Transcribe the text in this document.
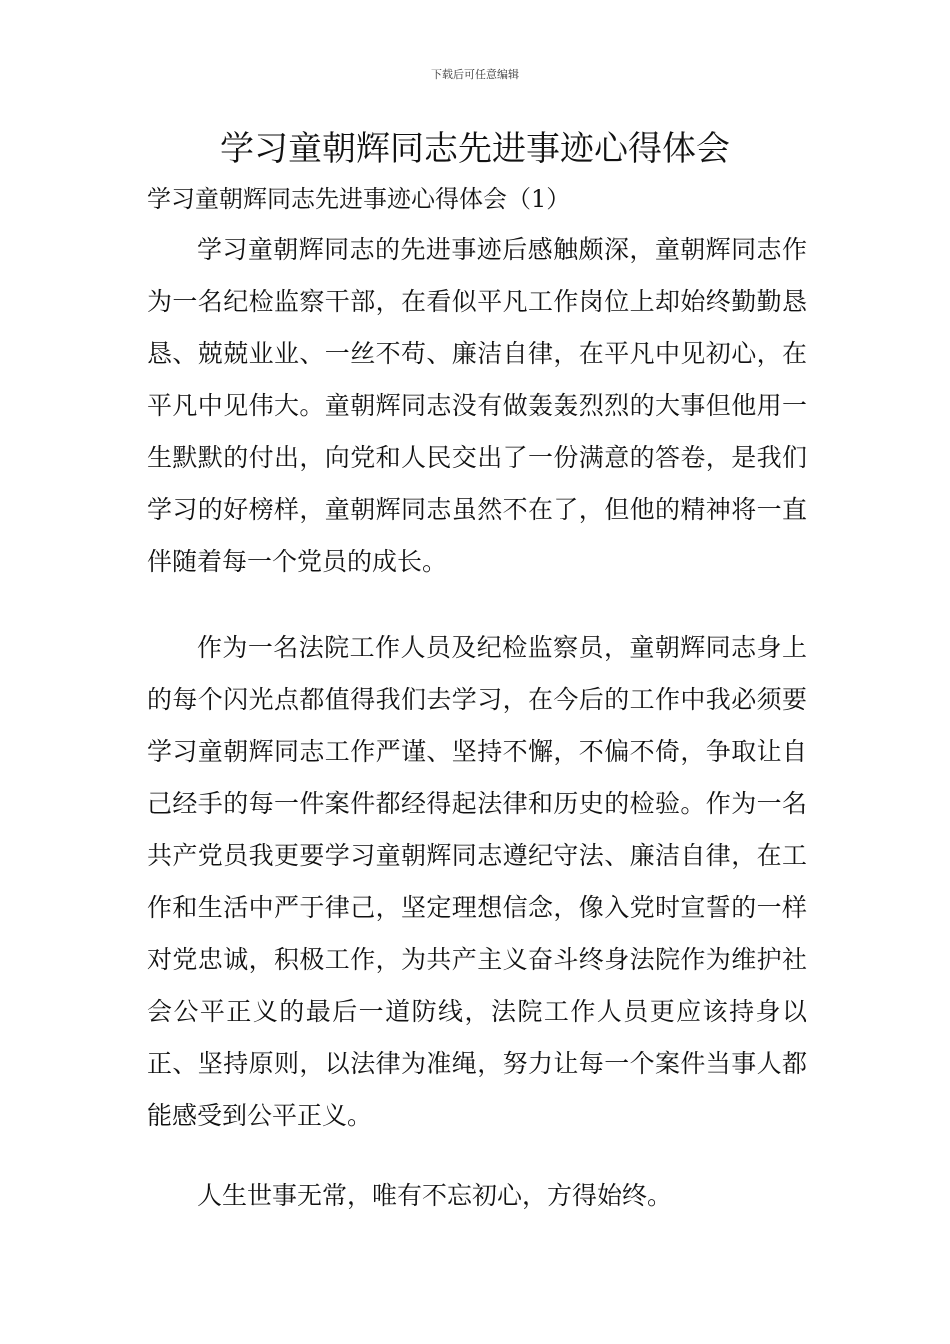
下载后可任意编辑
学习童朝辉同志先进事迹心得体会
学习童朝辉同志先进事迹心得体会（1）

学习童朝辉同志的先进事迹后感触颇深，童朝辉同志作为一名纪检监察干部，在看似平凡工作岗位上却始终勤勤恳恳、兢兢业业、一丝不苟、廉洁自律，在平凡中见初心，在平凡中见伟大。童朝辉同志没有做轰轰烈烈的大事但他用一生默默的付出，向党和人民交出了一份满意的答卷，是我们学习的好榜样，童朝辉同志虽然不在了，但他的精神将一直伴随着每一个党员的成长。

作为一名法院工作人员及纪检监察员，童朝辉同志身上的每个闪光点都值得我们去学习，在今后的工作中我必须要学习童朝辉同志工作严谨、坚持不懈，不偏不倚，争取让自己经手的每一件案件都经得起法律和历史的检验。作为一名共产党员我更要学习童朝辉同志遵纪守法、廉洁自律，在工作和生活中严于律己，坚定理想信念，像入党时宣誓的一样对党忠诚，积极工作，为共产主义奋斗终身法院作为维护社会公平正义的最后一道防线，法院工作人员更应该持身以正、坚持原则，以法律为准绳，努力让每一个案件当事人都能感受到公平正义。

人生世事无常，唯有不忘初心，方得始终。
